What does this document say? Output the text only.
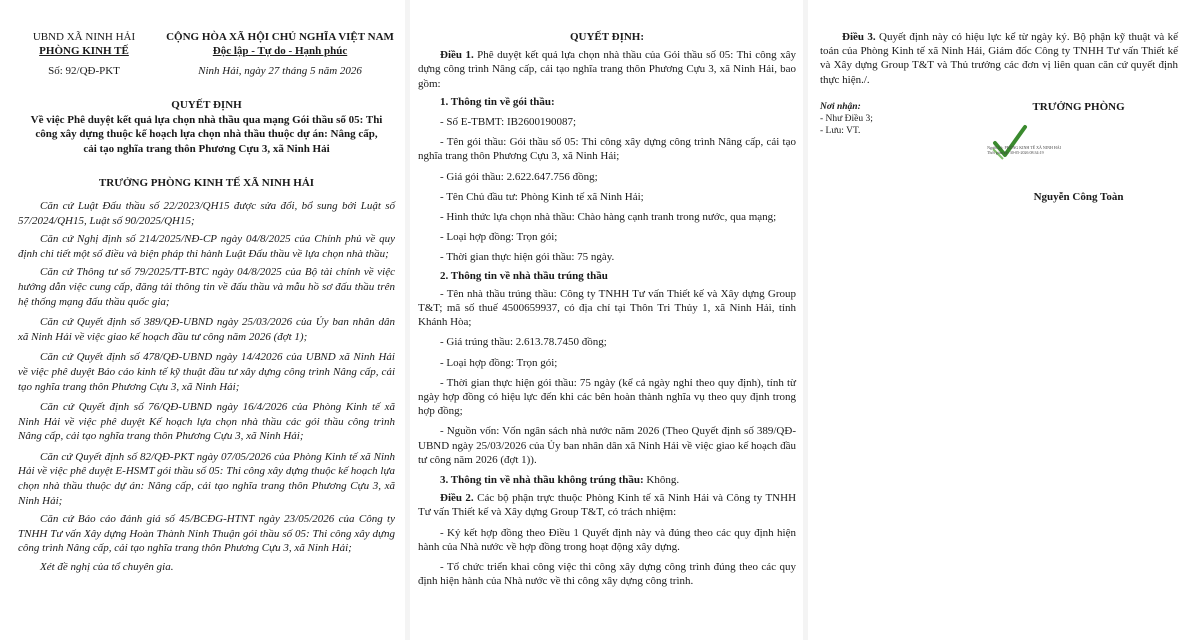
UBND XÃ NINH HẢI
PHÒNG KINH TẾ
Số: 92/QĐ-PKT
CỘNG HÒA XÃ HỘI CHỦ NGHĨA VIỆT NAM
Độc lập - Tự do - Hạnh phúc
Ninh Hải, ngày 27 tháng 5 năm 2026
QUYẾT ĐỊNH
Về việc Phê duyệt kết quả lựa chọn nhà thầu qua mạng Gói thầu số 05: Thi công xây dựng thuộc kế hoạch lựa chọn nhà thầu thuộc dự án: Nâng cấp, cải tạo nghĩa trang thôn Phương Cựu 3, xã Ninh Hải
TRƯỞNG PHÒNG KINH TẾ XÃ NINH HẢI

Căn cứ Luật Đấu thầu số 22/2023/QH15 được sửa đổi, bổ sung bởi Luật số 57/2024/QH15, Luật số 90/2025/QH15;

Căn cứ Nghị định số 214/2025/NĐ-CP ngày 04/8/2025 của Chính phủ về quy định chi tiết một số điều và biện pháp thi hành Luật Đấu thầu về lựa chọn nhà thầu;

Căn cứ Thông tư số 79/2025/TT-BTC ngày 04/8/2025 của Bộ tài chính về việc hướng dẫn việc cung cấp, đăng tải thông tin về đấu thầu và mẫu hồ sơ đấu thầu trên hệ thống mạng đấu thầu quốc gia;

Căn cứ Quyết định số 389/QĐ-UBND ngày 25/03/2026 của Ủy ban nhân dân xã Ninh Hải về việc giao kế hoạch đầu tư công năm 2026 (đợt 1);

Căn cứ Quyết định số 478/QĐ-UBND ngày 14/42026 của UBND xã Ninh Hải về việc phê duyệt Báo cáo kinh tế kỹ thuật đầu tư xây dựng công trình Nâng cấp, cải tạo nghĩa trang thôn Phương Cựu 3, xã Ninh Hải;

Căn cứ Quyết định số 76/QĐ-UBND ngày 16/4/2026 của Phòng Kinh tế xã Ninh Hải về việc phê duyệt Kế hoạch lựa chọn nhà thầu các gói thầu công trình Nâng cấp, cải tạo nghĩa trang thôn Phương Cựu 3, xã Ninh Hải;

Căn cứ Quyết định số 82/QĐ-PKT ngày 07/05/2026 của Phòng Kinh tế xã Ninh Hải về việc phê duyệt E-HSMT gói thầu số 05: Thi công xây dựng thuộc kế hoạch lựa chọn nhà thầu thuộc dự án: Nâng cấp, cải tạo nghĩa trang thôn Phương Cựu 3, xã Ninh Hải;

Căn cứ Báo cáo đánh giá số 45/BCĐG-HTNT ngày 23/05/2026 của Công ty TNHH Tư vấn Xây dựng Hoàn Thành Ninh Thuận gói thầu số 05: Thi công xây dựng công trình Nâng cấp, cải tạo nghĩa trang thôn Phương Cựu 3, xã Ninh Hải;

Xét đề nghị của tổ chuyên gia.

QUYẾT ĐỊNH:

Điều 1. Phê duyệt kết quả lựa chọn nhà thầu của Gói thầu số 05: Thi công xây dựng công trình Nâng cấp, cải tạo nghĩa trang thôn Phương Cựu 3, xã Ninh Hải, bao gồm:

1. Thông tin về gói thầu:

- Số E-TBMT: IB2600190087;

- Tên gói thầu: Gói thầu số 05: Thi công xây dựng công trình Nâng cấp, cải tạo nghĩa trang thôn Phương Cựu 3, xã Ninh Hải;

- Giá gói thầu: 2.622.647.756 đồng;

- Tên Chủ đầu tư: Phòng Kinh tế xã Ninh Hải;

- Hình thức lựa chọn nhà thầu: Chào hàng cạnh tranh trong nước, qua mạng;

- Loại hợp đồng: Trọn gói;

- Thời gian thực hiện gói thầu: 75 ngày.

2. Thông tin về nhà thầu trúng thầu

- Tên nhà thầu trúng thầu: Công ty TNHH Tư vấn Thiết kế và Xây dựng Group T&T; mã số thuế 4500659937, có địa chỉ tại Thôn Tri Thủy 1, xã Ninh Hải, tỉnh Khánh Hòa;

- Giá trúng thầu: 2.613.78.7450 đồng;

- Loại hợp đồng: Trọn gói;

- Thời gian thực hiện gói thầu: 75 ngày (kể cả ngày nghỉ theo quy định), tính từ ngày hợp đồng có hiệu lực đến khi các bên hoàn thành nghĩa vụ theo quy định trong hợp đồng;

- Nguồn vốn: Vốn ngân sách nhà nước năm 2026 (Theo Quyết định số 389/QĐ-UBND ngày 25/03/2026 của Ủy ban nhân dân xã Ninh Hải về việc giao kế hoạch đầu tư công năm 2026 (đợt 1)).

3. Thông tin về nhà thầu không trúng thầu: Không.

Điều 2. Các bộ phận trực thuộc Phòng Kinh tế xã Ninh Hải và Công ty TNHH Tư vấn Thiết kế và Xây dựng Group T&T, có trách nhiệm:

- Ký kết hợp đồng theo Điều 1 Quyết định này và đúng theo các quy định hiện hành của Nhà nước về hợp đồng trong hoạt động xây dựng.

- Tổ chức triển khai công việc thi công xây dựng công trình đúng theo các quy định hiện hành của Nhà nước về thi công xây dựng công trình.

Điều 3. Quyết định này có hiệu lực kể từ ngày ký. Bộ phận kỹ thuật và kế toán của Phòng Kinh tế xã Ninh Hải, Giám đốc Công ty TNHH Tư vấn Thiết kế và Xây dựng Group T&T và Thủ trưởng các đơn vị liên quan căn cứ quyết định thực hiện./.

Nơi nhận:
- Như Điều 3;
- Lưu: VT.
TRƯỞNG PHÒNG
Người ký: PHÒNG KINH TẾ XÃ NINH HẢI
Thời gian ký: 30-05-2026 08:34:19
Nguyễn Công Toàn
